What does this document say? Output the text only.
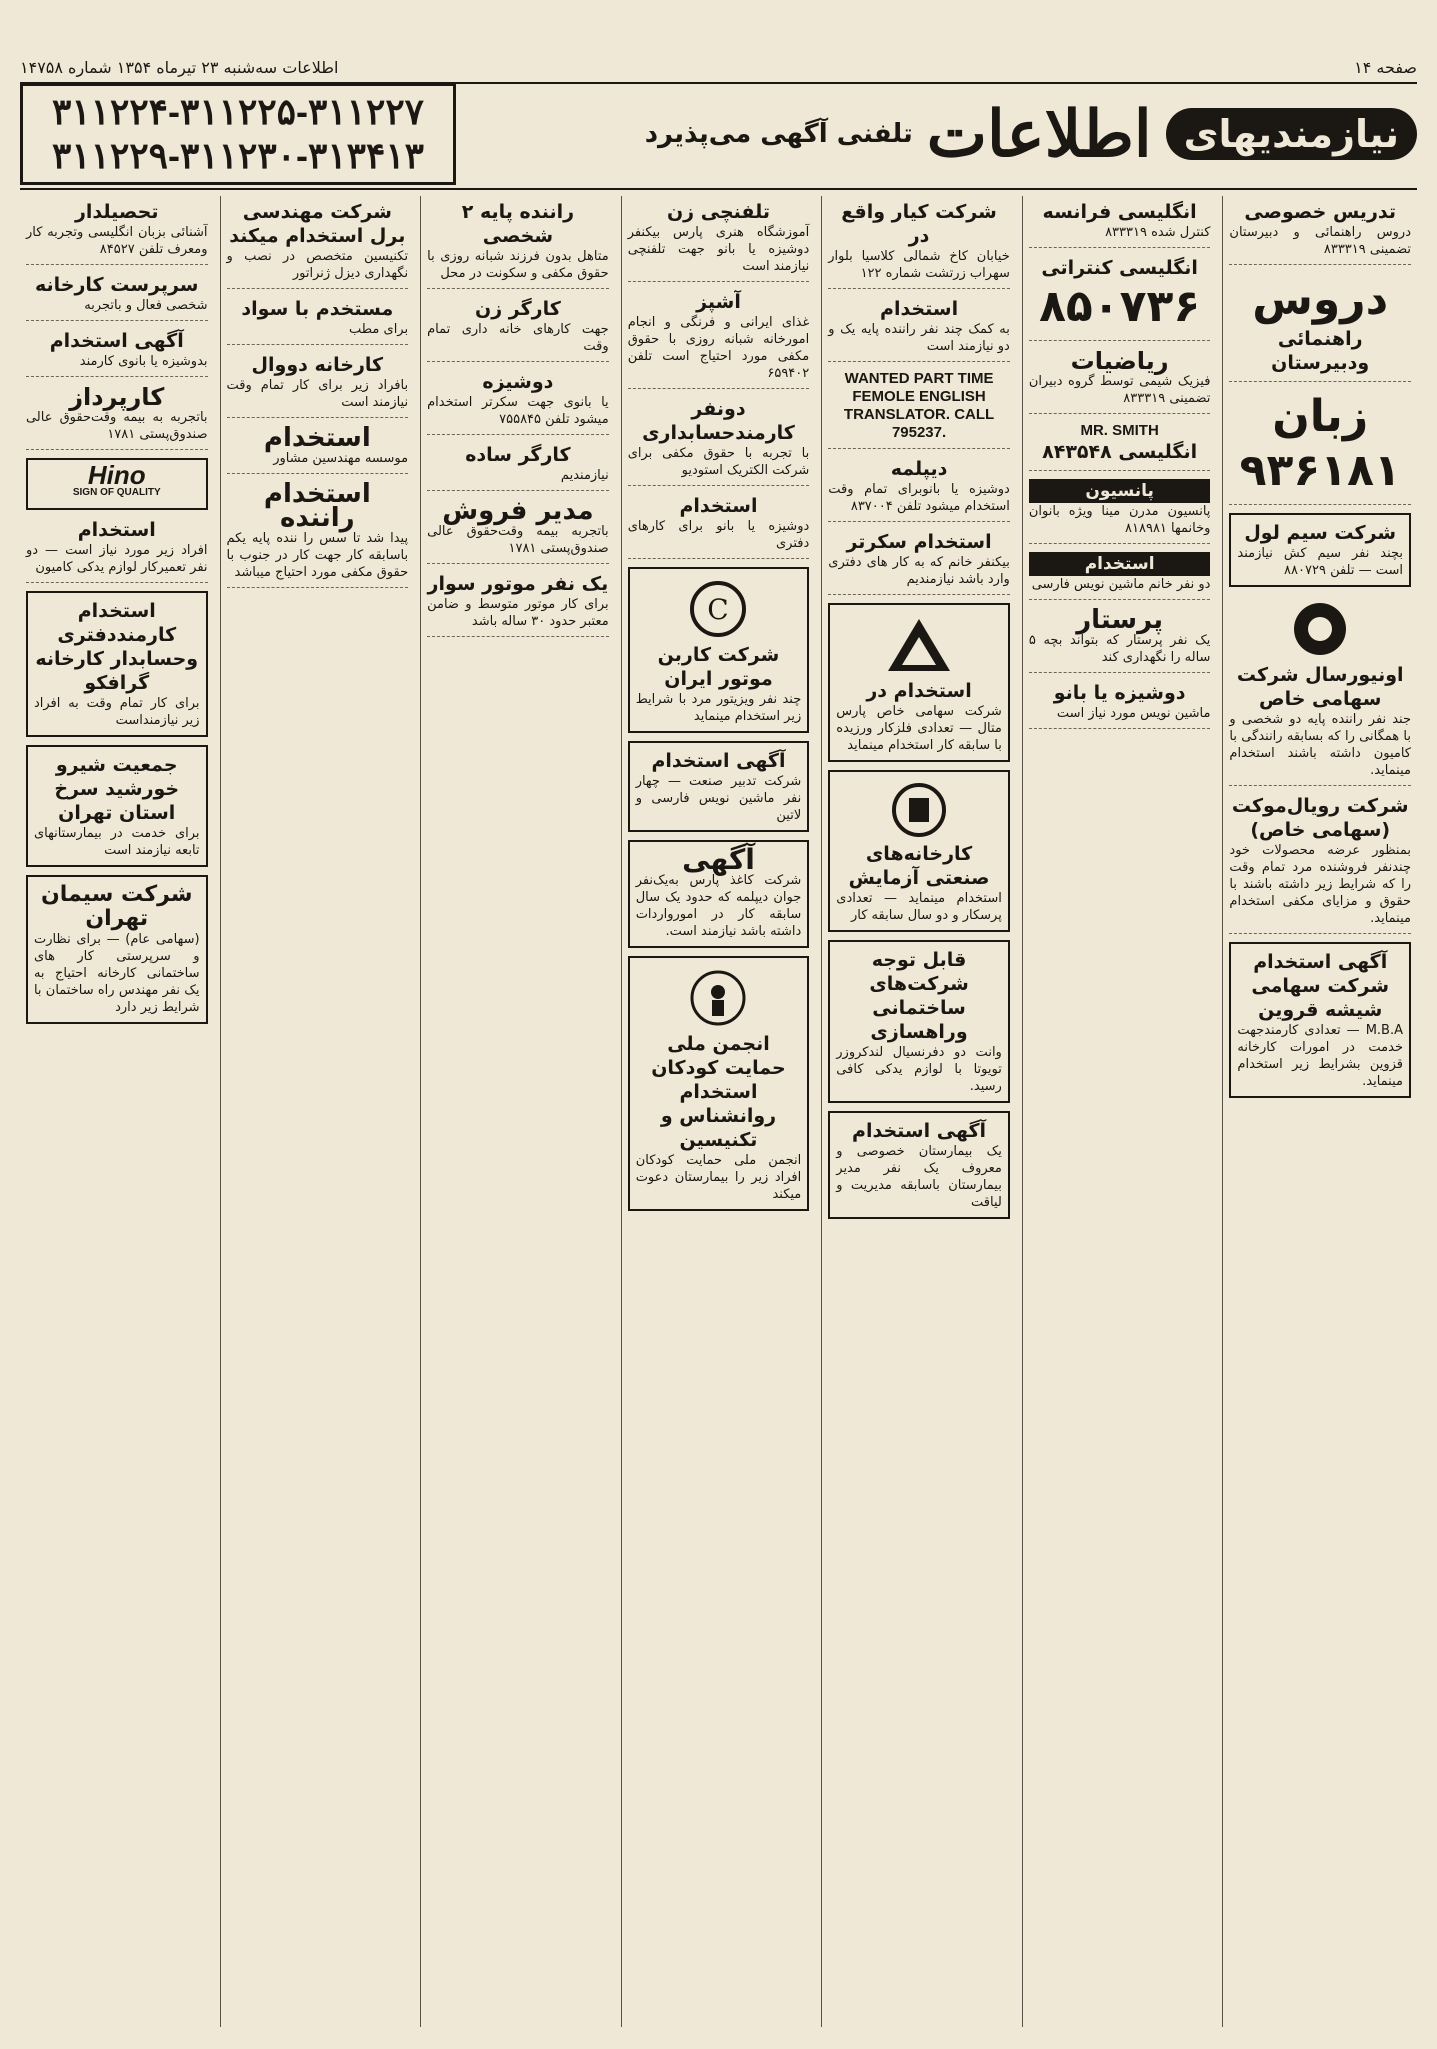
صفحه ۱۴
اطلاعات سه‌شنبه ۲۳ تیرماه ۱۳۵۴ شماره ۱۴۷۵۸
نیازمندیهای
اطلاعات
تلفنی آگهی می‌پذیرد
۳۱۱۲۲۴-۳۱۱۲۲۵-۳۱۱۲۲۷
۳۱۱۲۲۹-۳۱۱۲۳۰-۳۱۳۴۱۳
تدریس خصوصی
دروس راهنمائی و دبیرستان تضمینی ۸۳۳۳۱۹
دروس
راهنمائی ودبیرستان
زبان
۹۳۶۱۸۱
شرکت سیم لول
بچند نفر سیم کش نیازمند است — تلفن ۸۸۰۷۲۹
اونیورسال شرکت سهامی خاص
جند نفر راننده پایه دو شخصی و با همگانی را که بسابقه رانندگی با کامیون داشته باشند استخدام مینماید.
شرکت رویال‌موکت (سهامی خاص)
بمنظور عرضه محصولات خود چندنفر فروشنده مرد تمام وقت را که شرایط زیر داشته باشند با حقوق و مزایای مکفی استخدام مینماید.
آگهی استخدام شرکت سهامی شیشه قروین
M.B.A — تعدادی کارمندجهت خدمت در امورات کارخانه قزوین بشرایط زیر استخدام مینماید.
انگلیسی فرانسه
کنترل شده ۸۳۳۳۱۹
انگلیسی کنتراتی
۸۵۰۷۳۶
ریاضیات
فیزیک شیمی توسط گروه دبیران تضمینی ۸۳۳۳۱۹
MR. SMITH
انگلیسی ۸۴۳۵۴۸
پانسیون
پانسیون مدرن مینا ویژه بانوان وخانمها ۸۱۸۹۸۱
استخدام
دو نفر خانم ماشین نویس فارسی
پرستار
یک نفر پرستار که بتواند بچه ۵ ساله را نگهداری کند
دوشیزه یا بانو
ماشین نویس مورد نیاز است
شرکت کیار واقع در
خیابان کاخ شمالی کلاسیا بلوار سهراب زرتشت شماره ۱۲۲
استخدام
به کمک چند نفر راننده پایه یک و دو نیازمند است
WANTED PART TIME FEMOLE ENGLISH TRANSLATOR. CALL 795237.
دیپلمه
دوشیزه یا بانوبرای تمام وقت استخدام میشود تلفن ۸۳۷۰۰۴
استخدام سکرتر
بیکنفر خانم که به کار های دفتری وارد باشد نیازمندیم
استخدام در
شرکت سهامی خاص پارس متال — تعدادی فلزکار ورزیده با سابقه کار استخدام مینماید
کارخانه‌های صنعتی آزمایش
استخدام مینماید — تعدادی پرسکار و دو سال سابقه کار
قابل توجه شرکت‌های ساختمانی وراهسازی
وانت دو دفرنسیال لندکروزر تویوتا با لوازم یدکی کافی رسید.
آگهی استخدام
یک بیمارستان خصوصی و معروف یک نفر مدیر بیمارستان باسابقه مدیریت و لیاقت
تلفنچی زن
آموزشگاه هنری پارس بیکنفر دوشیزه یا بانو جهت تلفنچی نیازمند است
آشپز
غذای ایرانی و فرنگی و انجام امورخانه شبانه روزی با حقوق مکفی مورد احتیاج است تلفن ۶۵۹۴۰۲
دونفر کارمندحسابداری
با تجربه با حقوق مکفی برای شرکت الکتریک استودیو
استخدام
دوشیزه یا بانو برای کارهای دفتری
C
شرکت کاربن موتور ایران
چند نفر ویزیتور مرد با شرایط زیر استخدام مینماید
آگهی استخدام
شرکت تدبیر صنعت — چهار نفر ماشین نویس فارسی و لاتین
آگهی
شرکت کاغذ پارس به‌یک‌نفر جوان دیپلمه که حدود یک سال سابقه کار در امورواردات داشته باشد نیازمند است.
انجمن ملی حمایت کودکان استخدام روانشناس و تکنیسین
انجمن ملی حمایت کودکان افراد زیر را بیمارستان دعوت میکند
راننده پایه ۲ شخصی
متاهل بدون فرزند شبانه روزی با حقوق مکفی و سکونت در محل
کارگر زن
جهت کارهای خانه داری تمام وقت
دوشیزه
یا بانوی جهت سکرتر استخدام میشود تلفن ۷۵۵۸۴۵
کارگر ساده
نیازمندیم
مدیر فروش
باتجربه بیمه وقت‌حقوق عالی صندوق‌پستی ۱۷۸۱
یک نفر موتور سوار
برای کار موتور متوسط و ضامن معتبر حدود ۳۰ ساله باشد
شرکت مهندسی برل استخدام میکند
تکنیسین متخصص در نصب و نگهداری دیزل ژنراتور
مستخدم با سواد
برای مطب
کارخانه دووال
بافراد زیر برای کار تمام وقت نیازمند است
استخدام
موسسه مهندسین مشاور
استخدام راننده
پیدا شد تا سس را ننده پایه یکم باسابقه کار جهت کار در جنوب با حقوق مکفی مورد احتیاج میباشد
تحصیلدار
آشنائی بزبان انگلیسی وتجربه کار ومعرف تلفن ۸۴۵۲۷
سرپرست کارخانه
شخصی فعال و باتجربه
آگهی استخدام
بدوشیزه یا بانوی کارمند
کارپرداز
باتجربه به بیمه وقت‌حقوق عالی صندوق‌پستی ۱۷۸۱
Hino
SIGN OF QUALITY
استخدام
افراد زیر مورد نیاز است — دو نفر تعمیرکار لوازم یدکی کامیون
استخدام کارمنددفتری وحسابدار کارخانه گرافکو
برای کار تمام وقت به افراد زیر نیازمنداست
جمعیت شیرو خورشید سرخ استان تهران
برای خدمت در بیمارستانهای تابعه نیازمند است
شرکت سیمان تهران
(سهامی عام) — برای نظارت و سرپرستی کار های ساختمانی کارخانه احتیاج به یک نفر مهندس راه ساختمان با شرایط زیر دارد
